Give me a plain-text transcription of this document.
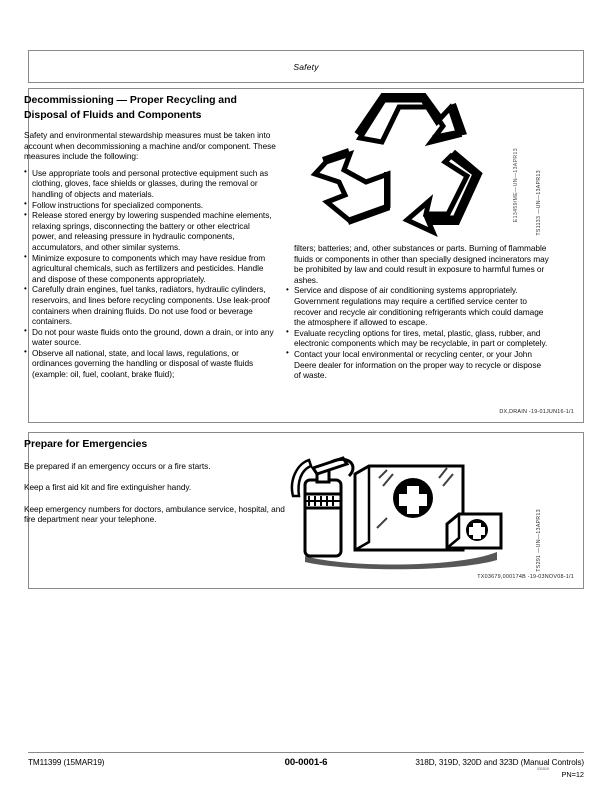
Safety
Decommissioning — Proper Recycling and Disposal of Fluids and Components

Safety and environmental stewardship measures must be taken into account when decommissioning a machine and/or component. These measures include the following:

• Use appropriate tools and personal protective equipment such as clothing, gloves, face shields or glasses, during the removal or handling of objects and materials.
• Follow instructions for specialized components.
• Release stored energy by lowering suspended machine elements, relaxing springs, disconnecting the battery or other electrical power, and releasing pressure in hydraulic components, accumulators, and other similar systems.
• Minimize exposure to components which may have residue from agricultural chemicals, such as fertilizers and pesticides. Handle and dispose of these components appropriately.
• Carefully drain engines, fuel tanks, radiators, hydraulic cylinders, reservoirs, and lines before recycling components. Use leak-proof containers when draining fluids. Do not use food or beverage containers.
• Do not pour waste fluids onto the ground, down a drain, or into any water source.
• Observe all national, state, and local laws, regulations, or ordinances governing the handling or disposal of waste fluids (example: oil, fuel, coolant, brake fluid);
filters; batteries; and, other substances or parts. Burning of flammable fluids or components in other than specially designed incinerators may be prohibited by law and could result in exposure to harmful fumes or ashes.
• Service and dispose of air conditioning systems appropriately. Government regulations may require a certified service center to recover and recycle air conditioning refrigerants which could damage the atmosphere if allowed to escape.
• Evaluate recycling options for tires, metal, plastic, glass, rubber, and electronic components which may be recyclable, in part or completely.
• Contact your local environmental or recycling center, or your John Deere dealer for information on the proper way to recycle or dispose of waste.
TS1133 —UN—13APR13
E13459/ME—UN—13APR13
DX,DRAIN -19-01JUN16-1/1
Prepare for Emergencies

Be prepared if an emergency occurs or a fire starts.

Keep a first aid kit and fire extinguisher handy.

Keep emergency numbers for doctors, ambulance service, hospital, and fire department near your telephone.	TS291 —UN—13APR13
TX03679,000174B -19-03NOV08-1/1
TM11399 (15MAR19)	00-0001-6	318D, 319D, 320D and 323D (Manual Controls)
031519
PN=12
